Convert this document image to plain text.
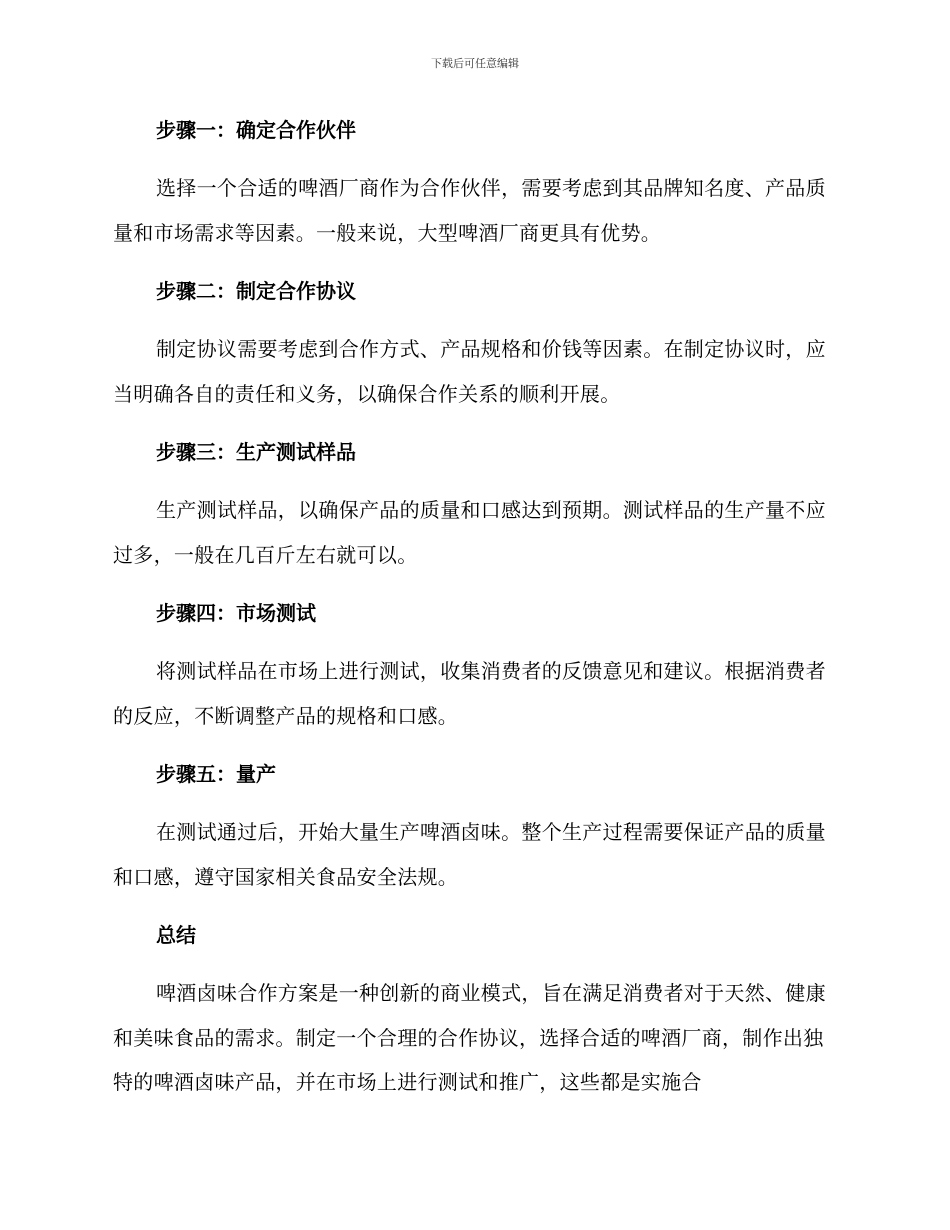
下载后可任意编辑
步骤一：确定合作伙伴

选择一个合适的啤酒厂商作为合作伙伴，需要考虑到其品牌知名度、产品质量和市场需求等因素。一般来说，大型啤酒厂商更具有优势。

步骤二：制定合作协议

制定协议需要考虑到合作方式、产品规格和价钱等因素。在制定协议时，应当明确各自的责任和义务，以确保合作关系的顺利开展。

步骤三：生产测试样品

生产测试样品，以确保产品的质量和口感达到预期。测试样品的生产量不应过多，一般在几百斤左右就可以。

步骤四：市场测试

将测试样品在市场上进行测试，收集消费者的反馈意见和建议。根据消费者的反应，不断调整产品的规格和口感。

步骤五：量产

在测试通过后，开始大量生产啤酒卤味。整个生产过程需要保证产品的质量和口感，遵守国家相关食品安全法规。

总结

啤酒卤味合作方案是一种创新的商业模式，旨在满足消费者对于天然、健康和美味食品的需求。制定一个合理的合作协议，选择合适的啤酒厂商，制作出独特的啤酒卤味产品，并在市场上进行测试和推广，这些都是实施合
